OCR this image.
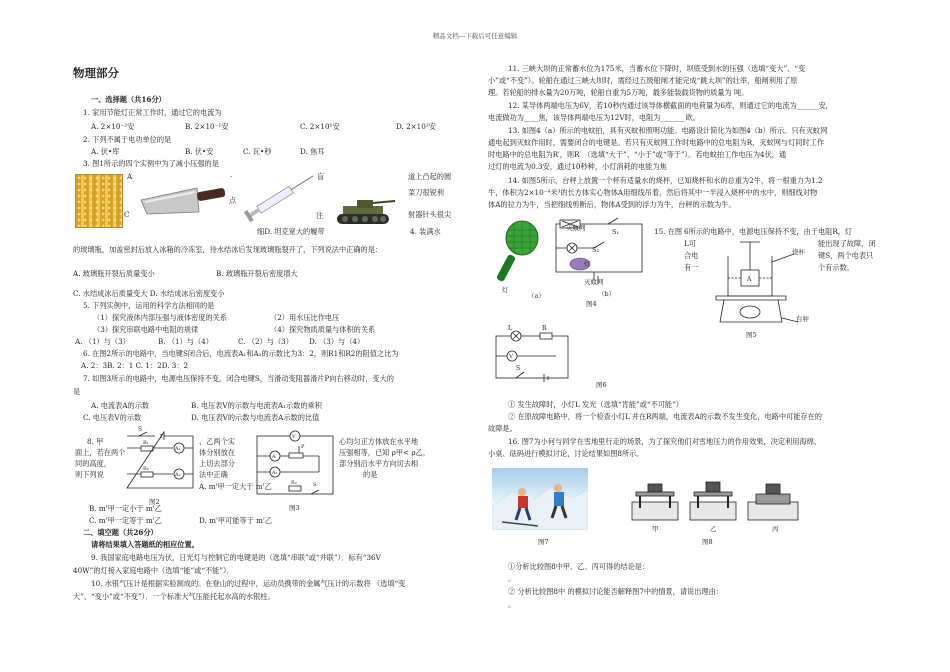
精品文档---下载后可任意编辑
物理部分
一、选择题（共16分）
1. 家用节能灯正常工作时，通过它的电流为
A. 2×10⁻²安	B. 2×10⁻¹安	C. 2×10¹安	D. 2×10²安
2. 下列不属于电功单位的是
A. 伏•库	B. 伏•安	C. 瓦•秒	D. 焦耳
3. 图1所示的四个实例中为了减小压强的是
A
C
·
点
盲
注
道上凸起的圆
菜刀很锐利
射器针头很尖
细D. 坦克宽大的履带	4. 装满水
的玻璃瓶，加盖密封后放入冰箱的冷冻室，待水结冰后发现玻璃瓶裂开了，下列说法中正确的是：
A. 玻璃瓶开裂后质量变小	B. 玻璃瓶开裂后密度增大
C. 水结成冰后质量变大 D. 水结成冰后密度变小
5. 下列实例中，运用的科学方法相同的是
（1）探究液体内部压强与液体密度的关系	（2）用水压比作电压
（3）探究串联电路中电阻的规律	（4）探究物质质量与体积的关系
A. （1）与（3）	B. （1）与（4）	C. （2）与（3） D. （3）与（4）
6. 在图2所示的电路中，当电键S闭合后，电流表A₁和A₂的示数比为3：2，则R1和R2的阻值之比为
A. 2：3B. 2：1 C. 1：2D. 3：2
7. 如图3所示的电路中，电源电压保持不变，闭合电键S，当滑动变阻器滑片P向右移动时，变大的
是
A. 电流表A的示数	B. 电压表V的示数与电流表A₁示数的乘积
C. 电压表V的示数	D. 电压表V的示数与电流表A示数的比值
8. 甲	、乙两个实	心均匀正方体放在水平地
面上，若在两个	体分别放在	压强相等，已知 ρ甲< ρ乙，
同的高度，	上切去部分	部分别沿水平方向切去相
则下列说	法中正确	的是
A. m'甲一定大于 m'乙
B. m'甲一定小于 m'乙
C. m'甲一定等于 m'乙	D. m'甲可能等于 m'乙
S
R₁
R₂
A₁
A₂
图2
V
A
A₁
P
R₂	S
图3
二、填空题（共26分）
请将结果填入答题纸的相应位置。
9. 我国家庭电路电压为伏，日光灯与控制它的电键是的（选填“串联”或“并联”）．标有“36V
40W”的灯接入家庭电路中（选填“能”或“不能”）．
10. 水银气压计是根据实验制成的。在登山的过程中，运动员携带的金属气压计的示数将 （选填“变
大”、“变小”或“不变”）．一个标准大气压能托起水高的水银柱。
11. 三峡大坝的正常蓄水位为175米，当蓄水位下降时，坝底受到水的压强（选填“变大”、“变
小”或“不变”）。轮船在通过三峡大坝时，需经过五级船闸才能完成“跳大坝”的壮举，船闸利用了原
理。若轮船的排水量为20万吨，轮船自重为5万吨，最多能装载货物的质量为 吨。
12. 某导体两端电压为6V，若10秒内通过该导体横截面的电荷量为6库，则通过它的电流为______安，
电流做功为____焦，该导体两端电压为12V时，电阻为_______欧。
13. 如图4（a）所示的电蚊拍，具有灭蚊和照明功能。电路设计简化为如图4（b）所示。只有灭蚊网
通电起到灭蚊作用时，需要闭合的电键是。若只有灭蚊网工作时电路中的总电阻为R，灭蚊网与灯同时工作
时电路中的总电阻为R′，则R′ （选填“大于”、“小于”或“等于”）。若电蚊拍工作电压为4伏，通
过灯的电流为0.3安，通过10秒种，小灯消耗的电能为焦
14. 如图5所示，台秤上放置一个杯有适量水的烧杯，已知烧杯和水的总重为2牛，将一根重力为1.2
牛，体积为2×10⁻⁴米³的长方体实心物体A用细线吊着，然后将其中一半浸入烧杯中的水中，则细线对物
体A的拉力为牛，当把细线剪断后，物体A受到的浮力为牛，台秤的示数为牛。
灯
（a）
灭蚊网
S₂
S₁
灯
灭蚊网
（b）
图4
15. 在图 6所示的电路中，电源电压保持不变，由于电阻R，灯
L可	能出现了故障，闭
合电	键S，两个电表只
有一	个有示数。
A
烧杯
台秤
图5
L	R
V
S
图6
① 发生故障时，小灯L 发光（选填“肯能”或“不可能”）
② 在原故障电路中，将一个检查小灯L′并在R两端，电流表A的示数不发生变化，电路中可能存在的
故障是。
16. 图7为小何与同学在雪地里行走的场景，为了探究他们对雪地压力的作用效果，决定利用海绵、
小桌、砝码进行模拟讨论，讨论结果如图8所示。
图7
甲	乙	丙
图8
①分析比较图8中甲、乙、丙可得的结论是：
。
② 分析比较图8中 的模拟讨论能否解释图7中的情景，请说出理由：
。
